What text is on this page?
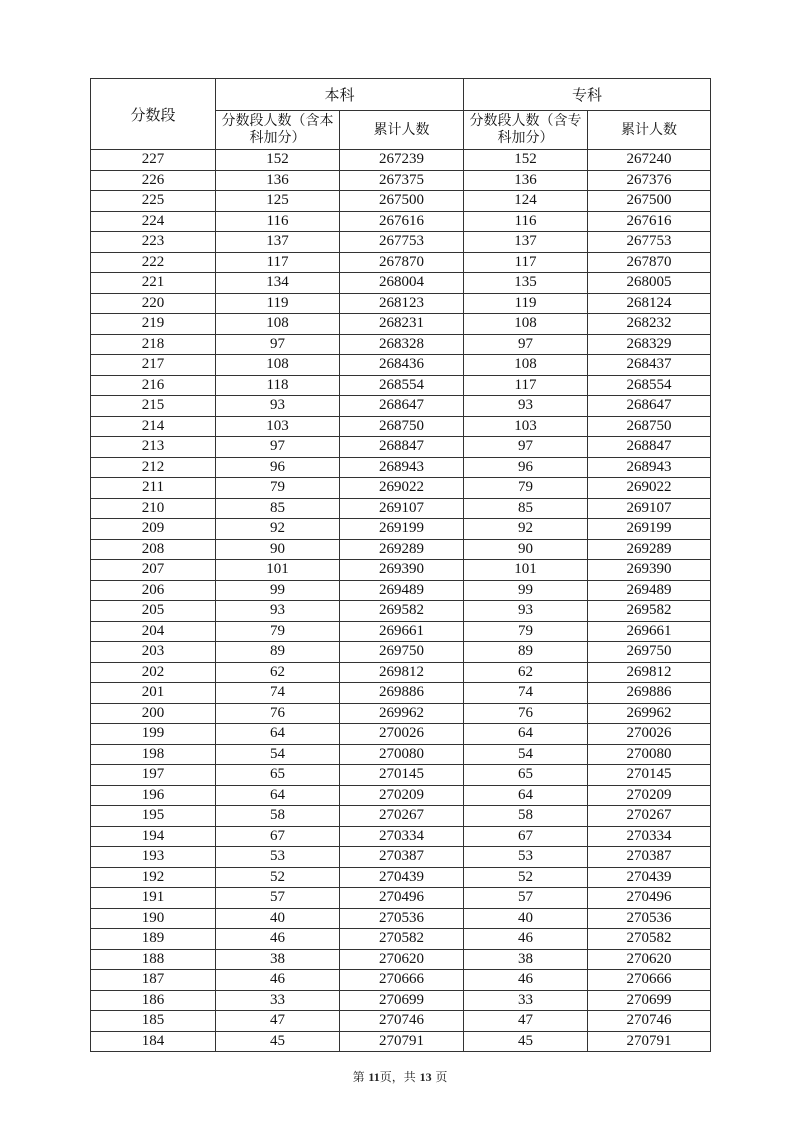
分数段	本科		专科	
	分数段人数（含本科加分）	累计人数	分数段人数（含专科加分）	累计人数
227	152	267239	152	267240
226	136	267375	136	267376
225	125	267500	124	267500
224	116	267616	116	267616
223	137	267753	137	267753
222	117	267870	117	267870
221	134	268004	135	268005
220	119	268123	119	268124
219	108	268231	108	268232
218	97	268328	97	268329
217	108	268436	108	268437
216	118	268554	117	268554
215	93	268647	93	268647
214	103	268750	103	268750
213	97	268847	97	268847
212	96	268943	96	268943
211	79	269022	79	269022
210	85	269107	85	269107
209	92	269199	92	269199
208	90	269289	90	269289
207	101	269390	101	269390
206	99	269489	99	269489
205	93	269582	93	269582
204	79	269661	79	269661
203	89	269750	89	269750
202	62	269812	62	269812
201	74	269886	74	269886
200	76	269962	76	269962
199	64	270026	64	270026
198	54	270080	54	270080
197	65	270145	65	270145
196	64	270209	64	270209
195	58	270267	58	270267
194	67	270334	67	270334
193	53	270387	53	270387
192	52	270439	52	270439
191	57	270496	57	270496
190	40	270536	40	270536
189	46	270582	46	270582
188	38	270620	38	270620
187	46	270666	46	270666
186	33	270699	33	270699
185	47	270746	47	270746
184	45	270791	45	270791
第 11页，共 13 页
